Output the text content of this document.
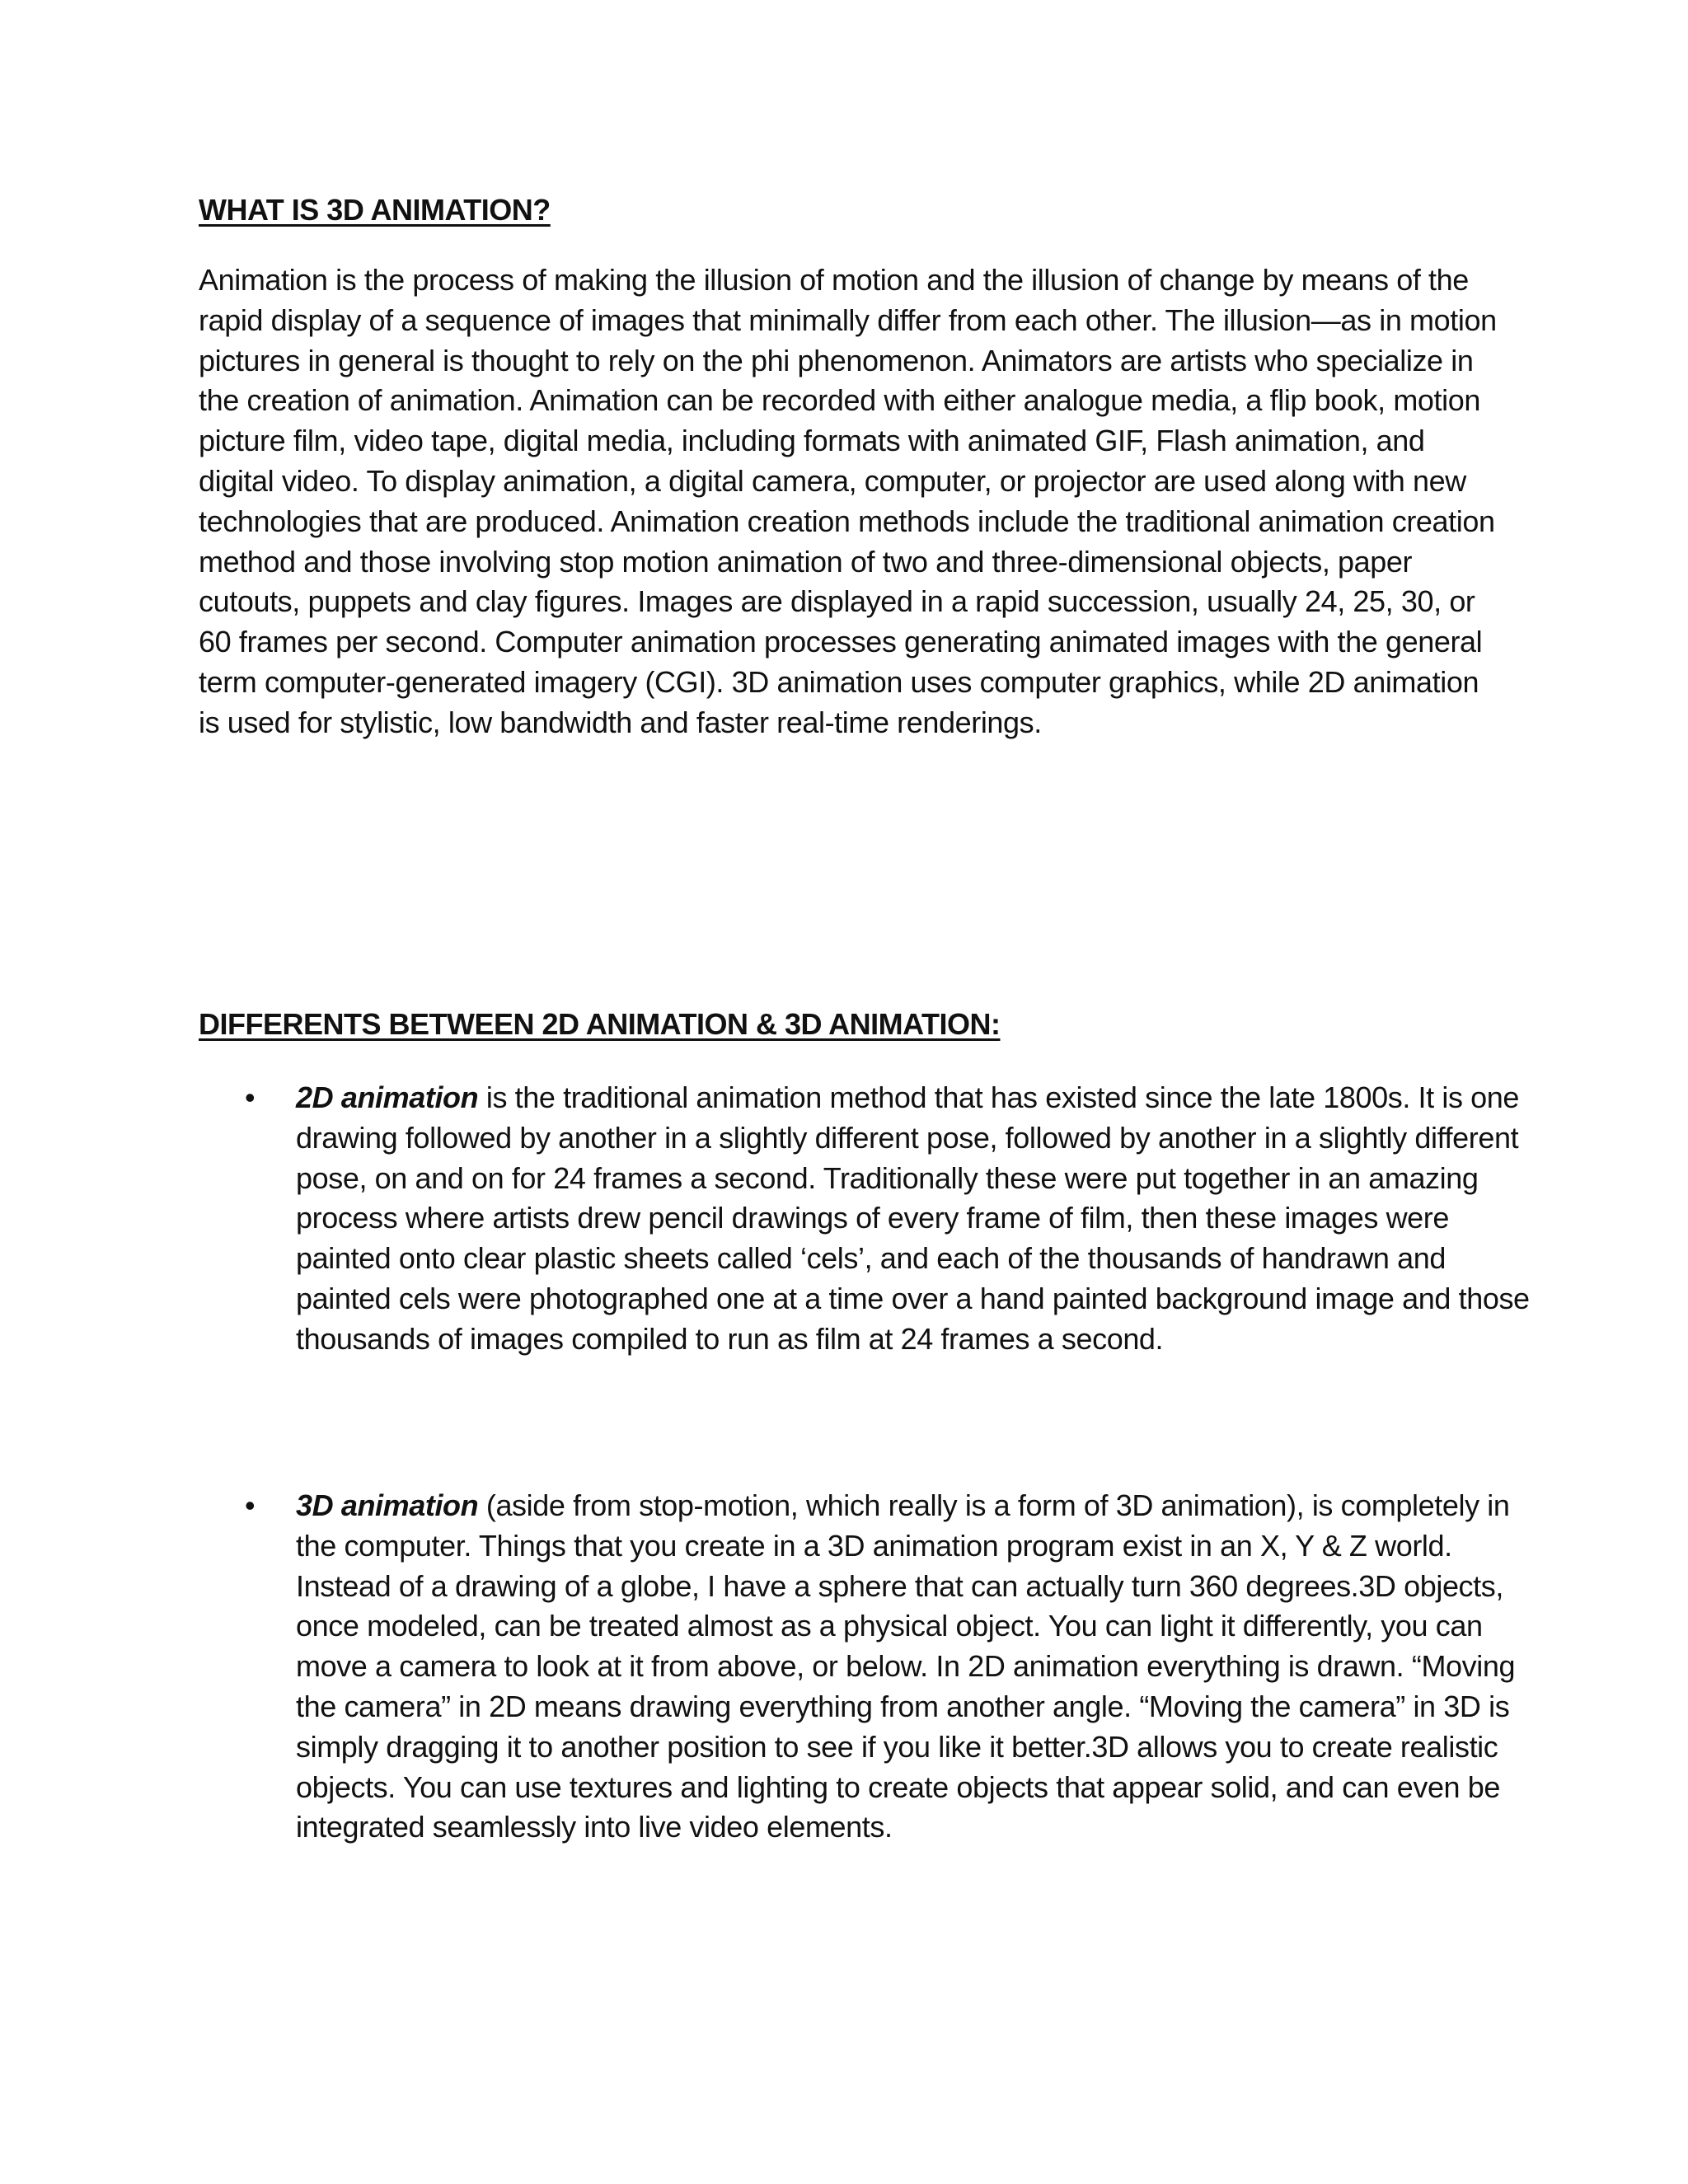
WHAT IS 3D ANIMATION?
Animation is the process of making the illusion of motion and the illusion of change by means of the rapid display of a sequence of images that minimally differ from each other. The illusion—as in motion pictures in general is thought to rely on the phi phenomenon. Animators are artists who specialize in the creation of animation. Animation can be recorded with either analogue media, a flip book, motion picture film, video tape, digital media, including formats with animated GIF, Flash animation, and digital video. To display animation, a digital camera, computer, or projector are used along with new technologies that are produced. Animation creation methods include the traditional animation creation method and those involving stop motion animation of two and three-dimensional objects, paper cutouts, puppets and clay figures. Images are displayed in a rapid succession, usually 24, 25, 30, or 60 frames per second. Computer animation processes generating animated images with the general term computer-generated imagery (CGI). 3D animation uses computer graphics, while 2D animation is used for stylistic, low bandwidth and faster real-time renderings.
DIFFERENTS BETWEEN 2D ANIMATION & 3D ANIMATION:
• 2D animation is the traditional animation method that has existed since the late 1800s. It is one drawing followed by another in a slightly different pose, followed by another in a slightly different pose, on and on for 24 frames a second. Traditionally these were put together in an amazing process where artists drew pencil drawings of every frame of film, then these images were painted onto clear plastic sheets called ‘cels’, and each of the thousands of handrawn and painted cels were photographed one at a time over a hand painted background image and those thousands of images compiled to run as film at 24 frames a second.
• 3D animation (aside from stop-motion, which really is a form of 3D animation), is completely in the computer. Things that you create in a 3D animation program exist in an X, Y & Z world. Instead of a drawing of a globe, I have a sphere that can actually turn 360 degrees.3D objects, once modeled, can be treated almost as a physical object. You can light it differently, you can move a camera to look at it from above, or below. In 2D animation everything is drawn. “Moving the camera” in 2D means drawing everything from another angle. “Moving the camera” in 3D is simply dragging it to another position to see if you like it better.3D allows you to create realistic objects. You can use textures and lighting to create objects that appear solid, and can even be integrated seamlessly into live video elements.
